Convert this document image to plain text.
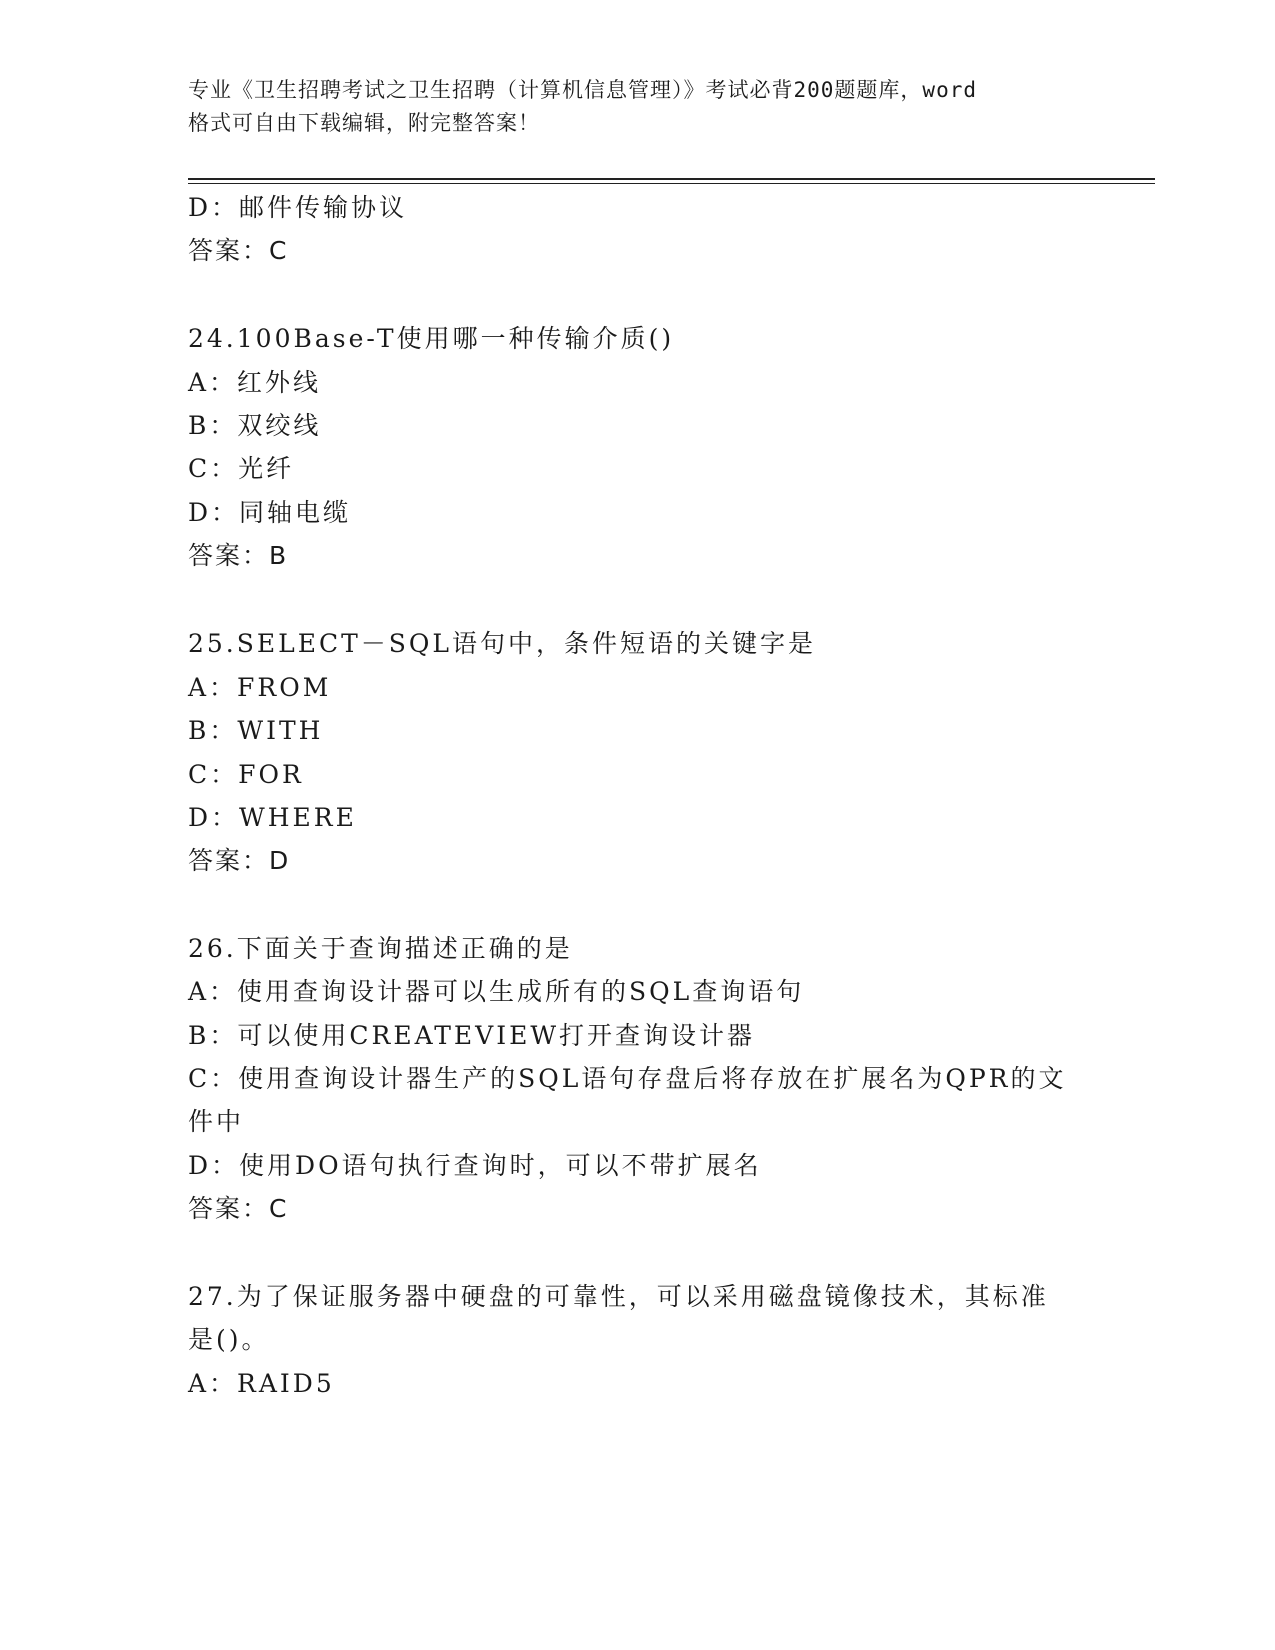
专业《卫生招聘考试之卫生招聘（计算机信息管理）》考试必背200题题库，word
格式可自由下载编辑，附完整答案！
D：邮件传输协议
答案：C
24.100Base-T使用哪一种传输介质()
A：红外线
B：双绞线
C：光纤
D：同轴电缆
答案：B
25.SELECT－SQL语句中，条件短语的关键字是
A：FROM
B：WITH
C：FOR
D：WHERE
答案：D
26.下面关于查询描述正确的是
A：使用查询设计器可以生成所有的SQL查询语句
B：可以使用CREATEVIEW打开查询设计器
C：使用查询设计器生产的SQL语句存盘后将存放在扩展名为QPR的文
件中
D：使用DO语句执行查询时，可以不带扩展名
答案：C
27.为了保证服务器中硬盘的可靠性，可以采用磁盘镜像技术，其标准
是()。
A：RAID5
